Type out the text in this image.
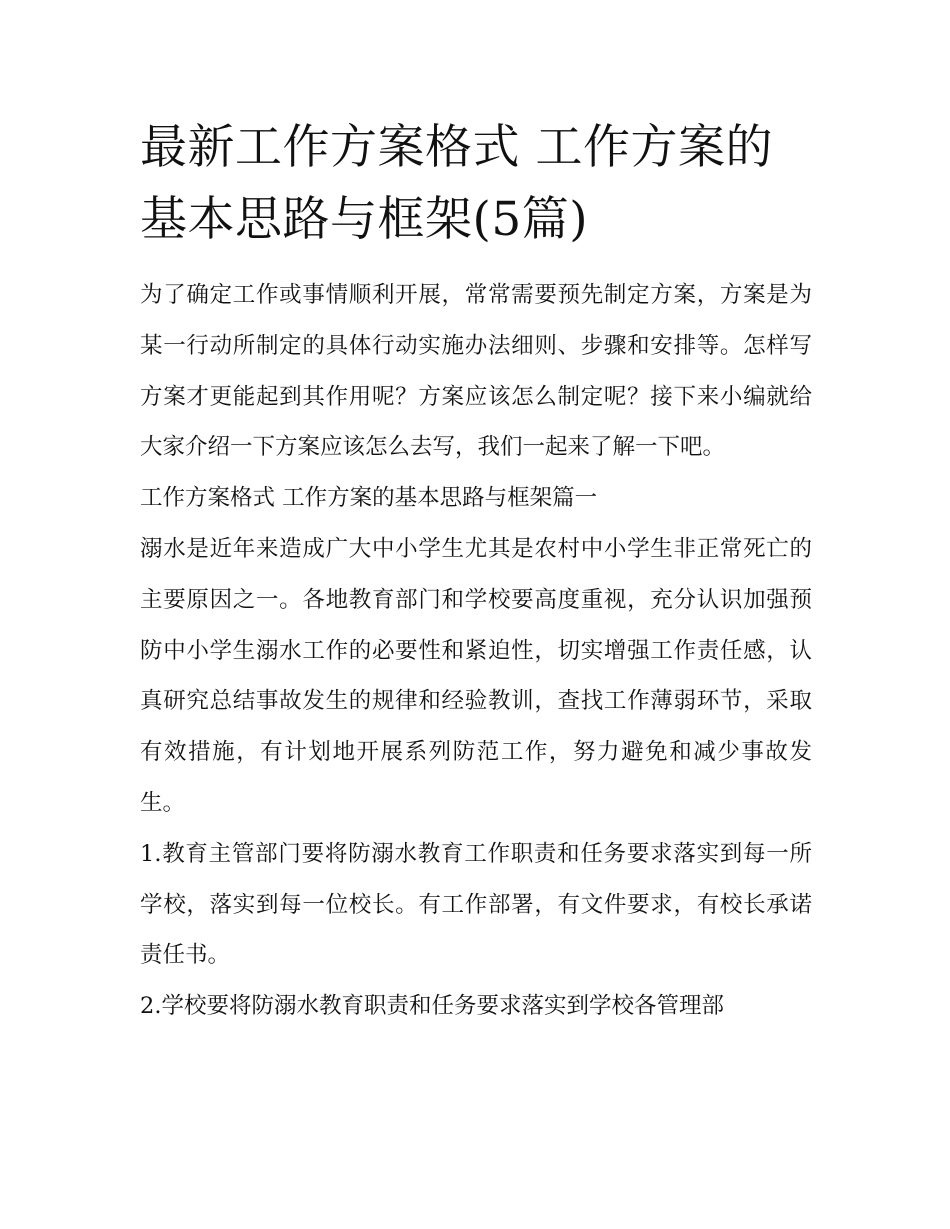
最新工作方案格式 工作方案的基本思路与框架(5篇)

为了确定工作或事情顺利开展，常常需要预先制定方案，方案是为某一行动所制定的具体行动实施办法细则、步骤和安排等。怎样写方案才更能起到其作用呢？方案应该怎么制定呢？接下来小编就给大家介绍一下方案应该怎么去写，我们一起来了解一下吧。

工作方案格式 工作方案的基本思路与框架篇一

溺水是近年来造成广大中小学生尤其是农村中小学生非正常死亡的主要原因之一。各地教育部门和学校要高度重视，充分认识加强预防中小学生溺水工作的必要性和紧迫性，切实增强工作责任感，认真研究总结事故发生的规律和经验教训，查找工作薄弱环节，采取有效措施，有计划地开展系列防范工作，努力避免和减少事故发生。

1.教育主管部门要将防溺水教育工作职责和任务要求落实到每一所学校，落实到每一位校长。有工作部署，有文件要求，有校长承诺责任书。

2.学校要将防溺水教育职责和任务要求落实到学校各管理部
